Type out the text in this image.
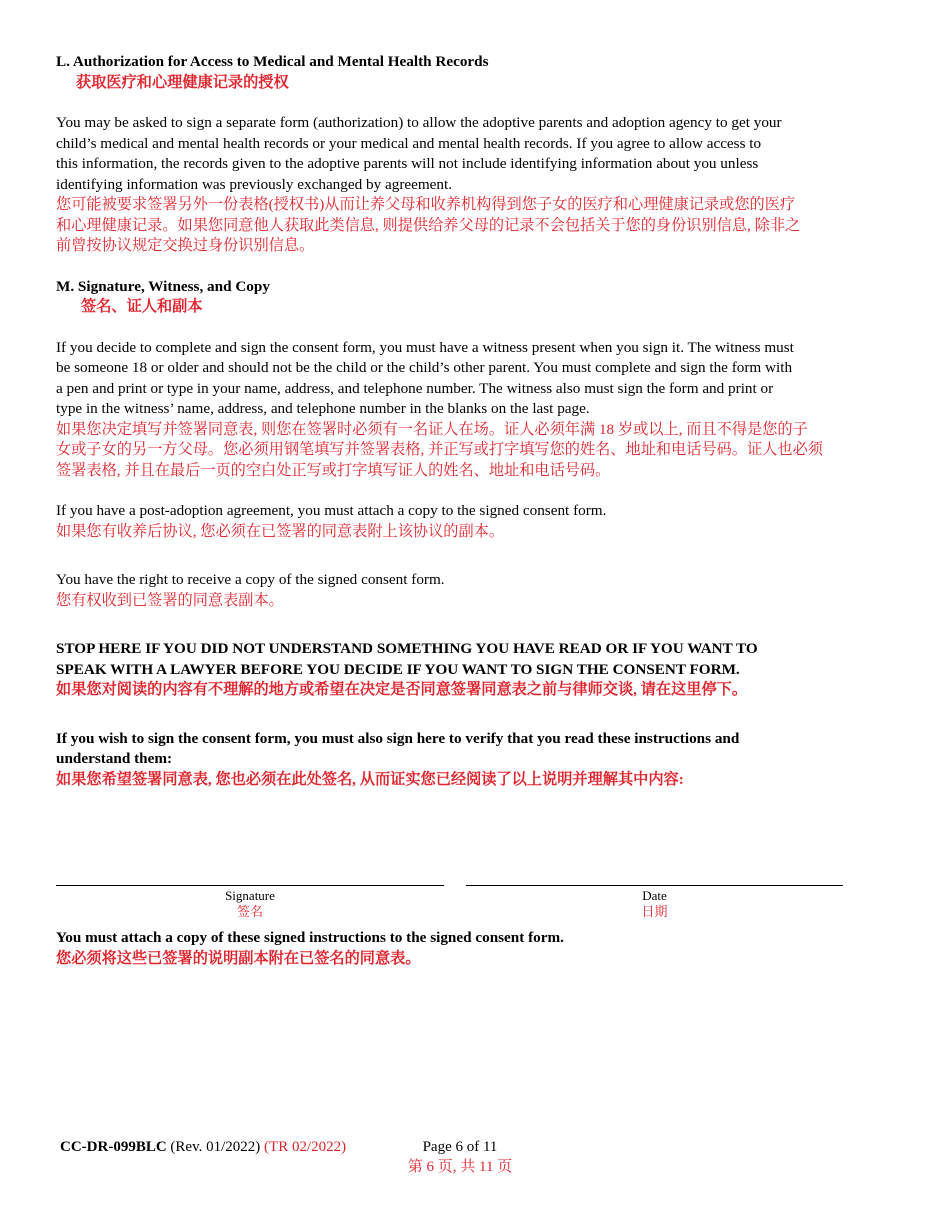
L. Authorization for Access to Medical and Mental Health Records
获取医疗和心理健康记录的授权
You may be asked to sign a separate form (authorization) to allow the adoptive parents and adoption agency to get your
child’s medical and mental health records or your medical and mental health records. If you agree to allow access to
this information, the records given to the adoptive parents will not include identifying information about you unless
identifying information was previously exchanged by agreement.
您可能被要求签署另外一份表格(授权书)从而让养父母和收养机构得到您子女的医疗和心理健康记录或您的医疗
和心理健康记录。如果您同意他人获取此类信息, 则提供给养父母的记录不会包括关于您的身份识别信息, 除非之
前曾按协议规定交换过身份识别信息。
M. Signature, Witness, and Copy
签名、证人和副本
If you decide to complete and sign the consent form, you must have a witness present when you sign it. The witness must
be someone 18 or older and should not be the child or the child’s other parent. You must complete and sign the form with
a pen and print or type in your name, address, and telephone number. The witness also must sign the form and print or
type in the witness’ name, address, and telephone number in the blanks on the last page.
如果您决定填写并签署同意表, 则您在签署时必须有一名证人在场。证人必须年满 18 岁或以上, 而且不得是您的子
女或子女的另一方父母。您必须用钢笔填写并签署表格, 并正写或打字填写您的姓名、地址和电话号码。证人也必须
签署表格, 并且在最后一页的空白处正写或打字填写证人的姓名、地址和电话号码。
If you have a post-adoption agreement, you must attach a copy to the signed consent form.
如果您有收养后协议, 您必须在已签署的同意表附上该协议的副本。
You have the right to receive a copy of the signed consent form.
您有权收到已签署的同意表副本。
STOP HERE IF YOU DID NOT UNDERSTAND SOMETHING YOU HAVE READ OR IF YOU WANT TO
SPEAK WITH A LAWYER BEFORE YOU DECIDE IF YOU WANT TO SIGN THE CONSENT FORM.
如果您对阅读的内容有不理解的地方或希望在决定是否同意签署同意表之前与律师交谈, 请在这里停下。
If you wish to sign the consent form, you must also sign here to verify that you read these instructions and
understand them:
如果您希望签署同意表, 您也必须在此处签名, 从而证实您已经阅读了以上说明并理解其中内容:
Signature
签名
Date
日期
You must attach a copy of these signed instructions to the signed consent form.
您必须将这些已签署的说明副本附在已签名的同意表。
CC-DR-099BLC (Rev. 01/2022) (TR 02/2022)	Page 6 of 11
第 6 页, 共 11 页
